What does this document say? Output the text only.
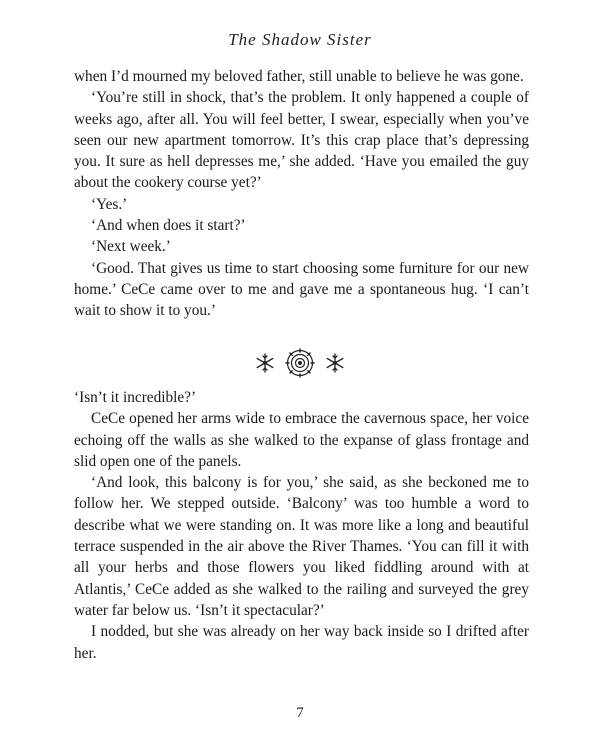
The Shadow Sister

when I’d mourned my beloved father, still unable to believe he was gone.

‘You’re still in shock, that’s the problem. It only happened a couple of weeks ago, after all. You will feel better, I swear, especially when you’ve seen our new apartment tomorrow. It’s this crap place that’s depressing you. It sure as hell depresses me,’ she added. ‘Have you emailed the guy about the cookery course yet?’

‘Yes.’

‘And when does it start?’

‘Next week.’

‘Good. That gives us time to start choosing some furniture for our new home.’ CeCe came over to me and gave me a spontaneous hug. ‘I can’t wait to show it to you.’

‘Isn’t it incredible?’

CeCe opened her arms wide to embrace the cavernous space, her voice echoing off the walls as she walked to the expanse of glass frontage and slid open one of the panels.

‘And look, this balcony is for you,’ she said, as she beckoned me to follow her. We stepped outside. ‘Balcony’ was too humble a word to describe what we were standing on. It was more like a long and beautiful terrace suspended in the air above the River Thames. ‘You can fill it with all your herbs and those flowers you liked fiddling around with at Atlantis,’ CeCe added as she walked to the railing and surveyed the grey water far below us. ‘Isn’t it spectacular?’

I nodded, but she was already on her way back inside so I drifted after her.

7
